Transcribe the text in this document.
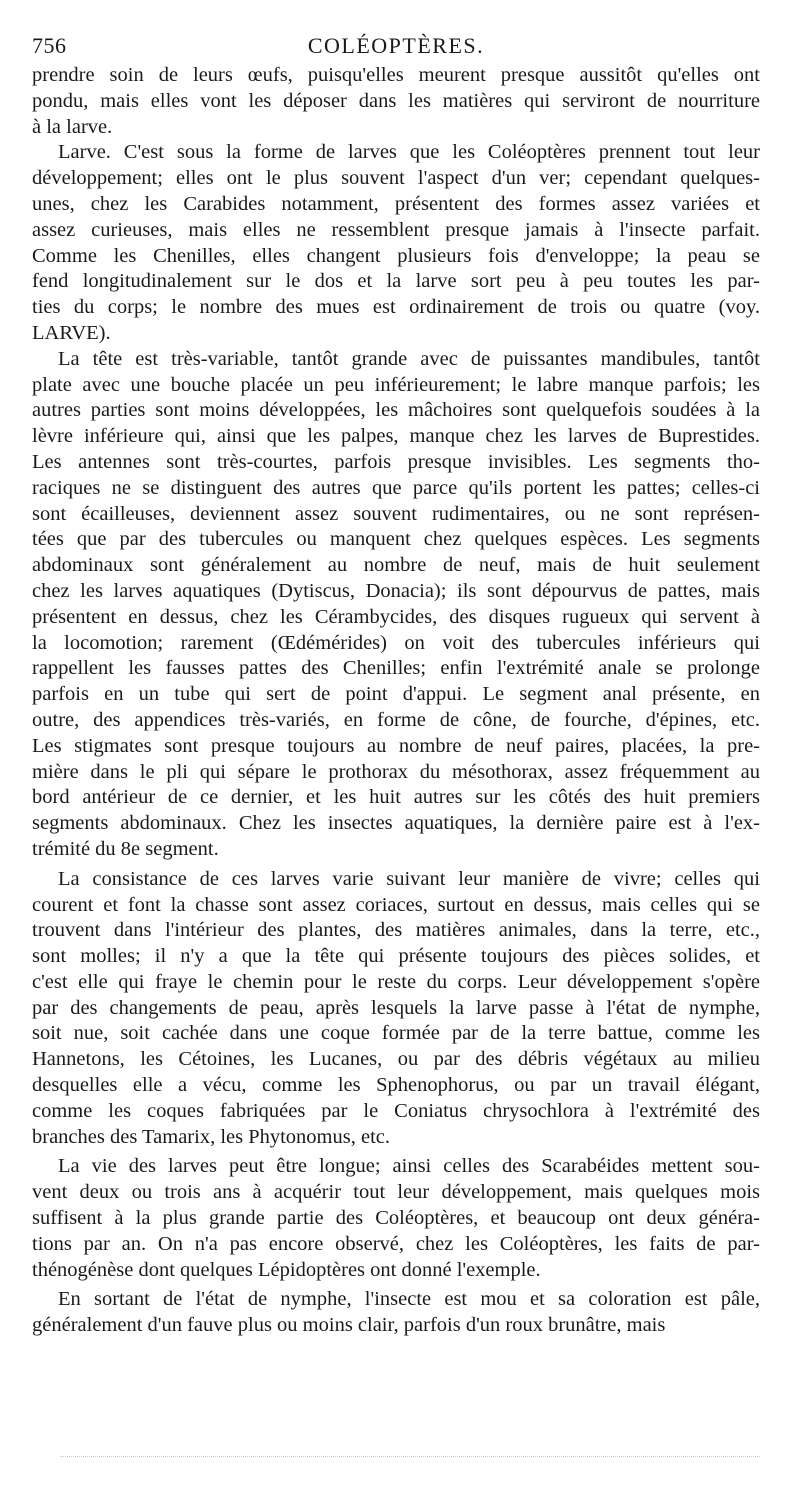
756	COLÉOPTÈRES.

prendre soin de leurs œufs, puisqu'elles meurent presque aussitôt qu'elles ont

pondu, mais elles vont les déposer dans les matières qui serviront de nourriture

à la larve.

Larve. C'est sous la forme de larves que les Coléoptères prennent tout leur

développement; elles ont le plus souvent l'aspect d'un ver; cependant quelques-

unes, chez les Carabides notamment, présentent des formes assez variées et

assez curieuses, mais elles ne ressemblent presque jamais à l'insecte parfait.

Comme les Chenilles, elles changent plusieurs fois d'enveloppe; la peau se

fend longitudinalement sur le dos et la larve sort peu à peu toutes les par-

ties du corps; le nombre des mues est ordinairement de trois ou quatre (voy.

LARVE).

La tête est très-variable, tantôt grande avec de puissantes mandibules, tantôt

plate avec une bouche placée un peu inférieurement; le labre manque parfois; les

autres parties sont moins développées, les mâchoires sont quelquefois soudées à la

lèvre inférieure qui, ainsi que les palpes, manque chez les larves de Buprestides.

Les antennes sont très-courtes, parfois presque invisibles. Les segments tho-

raciques ne se distinguent des autres que parce qu'ils portent les pattes; celles-ci

sont écailleuses, deviennent assez souvent rudimentaires, ou ne sont représen-

tées que par des tubercules ou manquent chez quelques espèces. Les segments

abdominaux sont généralement au nombre de neuf, mais de huit seulement

chez les larves aquatiques (Dytiscus, Donacia); ils sont dépourvus de pattes, mais

présentent en dessus, chez les Cérambycides, des disques rugueux qui servent à

la locomotion; rarement (Œdémérides) on voit des tubercules inférieurs qui

rappellent les fausses pattes des Chenilles; enfin l'extrémité anale se prolonge

parfois en un tube qui sert de point d'appui. Le segment anal présente, en

outre, des appendices très-variés, en forme de cône, de fourche, d'épines, etc.

Les stigmates sont presque toujours au nombre de neuf paires, placées, la pre-

mière dans le pli qui sépare le prothorax du mésothorax, assez fréquemment au

bord antérieur de ce dernier, et les huit autres sur les côtés des huit premiers

segments abdominaux. Chez les insectes aquatiques, la dernière paire est à l'ex-

trémité du 8e segment.

La consistance de ces larves varie suivant leur manière de vivre; celles qui

courent et font la chasse sont assez coriaces, surtout en dessus, mais celles qui se

trouvent dans l'intérieur des plantes, des matières animales, dans la terre, etc.,

sont molles; il n'y a que la tête qui présente toujours des pièces solides, et

c'est elle qui fraye le chemin pour le reste du corps. Leur développement s'opère

par des changements de peau, après lesquels la larve passe à l'état de nymphe,

soit nue, soit cachée dans une coque formée par de la terre battue, comme les

Hannetons, les Cétoines, les Lucanes, ou par des débris végétaux au milieu

desquelles elle a vécu, comme les Sphenophorus, ou par un travail élégant,

comme les coques fabriquées par le Coniatus chrysochlora à l'extrémité des

branches des Tamarix, les Phytonomus, etc.

La vie des larves peut être longue; ainsi celles des Scarabéides mettent sou-

vent deux ou trois ans à acquérir tout leur développement, mais quelques mois

suffisent à la plus grande partie des Coléoptères, et beaucoup ont deux généra-

tions par an. On n'a pas encore observé, chez les Coléoptères, les faits de par-

thénogénèse dont quelques Lépidoptères ont donné l'exemple.

En sortant de l'état de nymphe, l'insecte est mou et sa coloration est pâle,

généralement d'un fauve plus ou moins clair, parfois d'un roux brunâtre, mais
